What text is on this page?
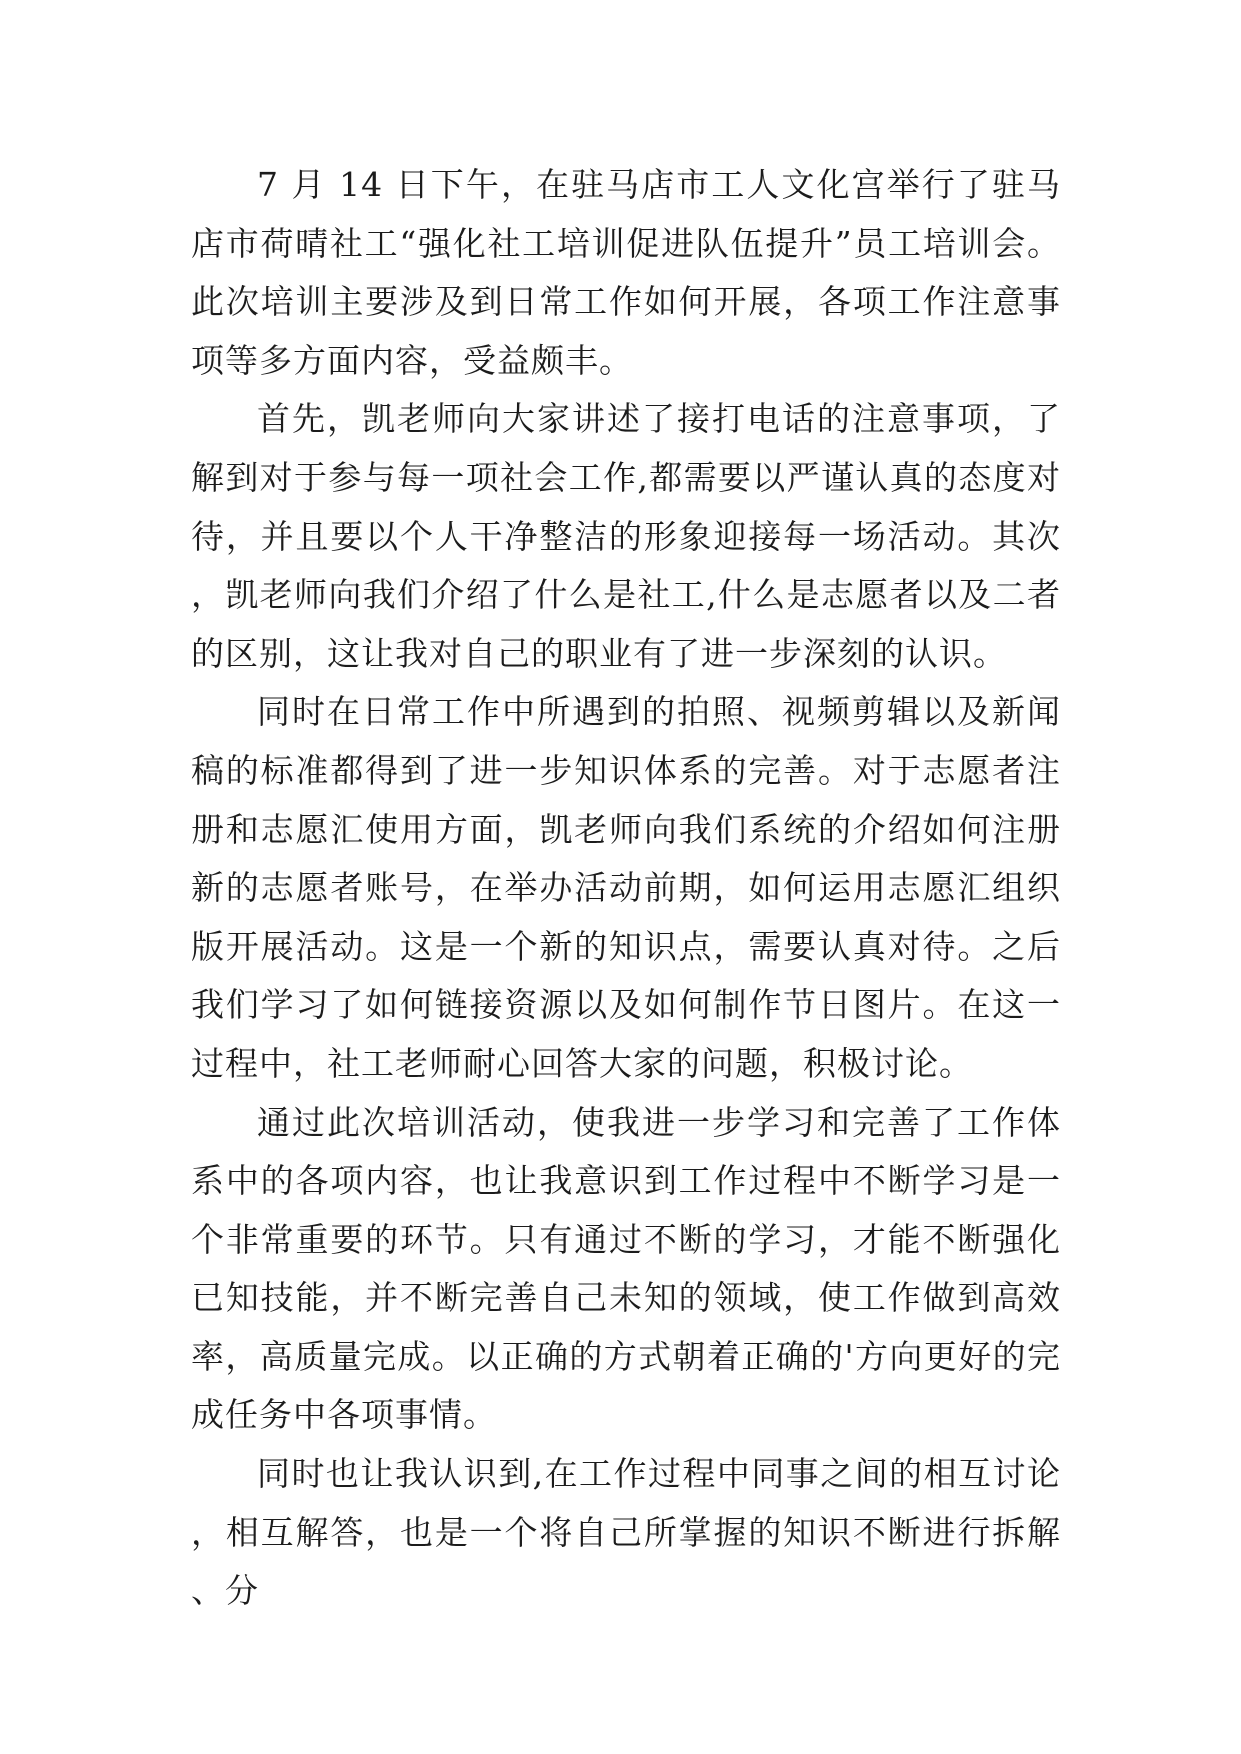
7 月 14 日下午，在驻马店市工人文化宫举行了驻马店市荷晴社工“强化社工培训促进队伍提升”员工培训会。此次培训主要涉及到日常工作如何开展，各项工作注意事项等多方面内容，受益颇丰。

首先，凯老师向大家讲述了接打电话的注意事项，了解到对于参与每一项社会工作,都需要以严谨认真的态度对待，并且要以个人干净整洁的形象迎接每一场活动。其次，凯老师向我们介绍了什么是社工,什么是志愿者以及二者的区别，这让我对自己的职业有了进一步深刻的认识。

同时在日常工作中所遇到的拍照、视频剪辑以及新闻稿的标准都得到了进一步知识体系的完善。对于志愿者注册和志愿汇使用方面，凯老师向我们系统的介绍如何注册新的志愿者账号，在举办活动前期，如何运用志愿汇组织版开展活动。这是一个新的知识点，需要认真对待。之后我们学习了如何链接资源以及如何制作节日图片。在这一过程中，社工老师耐心回答大家的问题，积极讨论。

通过此次培训活动，使我进一步学习和完善了工作体系中的各项内容，也让我意识到工作过程中不断学习是一个非常重要的环节。只有通过不断的学习，才能不断强化已知技能，并不断完善自己未知的领域，使工作做到高效率，高质量完成。以正确的方式朝着正确的'方向更好的完成任务中各项事情。

同时也让我认识到,在工作过程中同事之间的相互讨论，相互解答，也是一个将自己所掌握的知识不断进行拆解、分
